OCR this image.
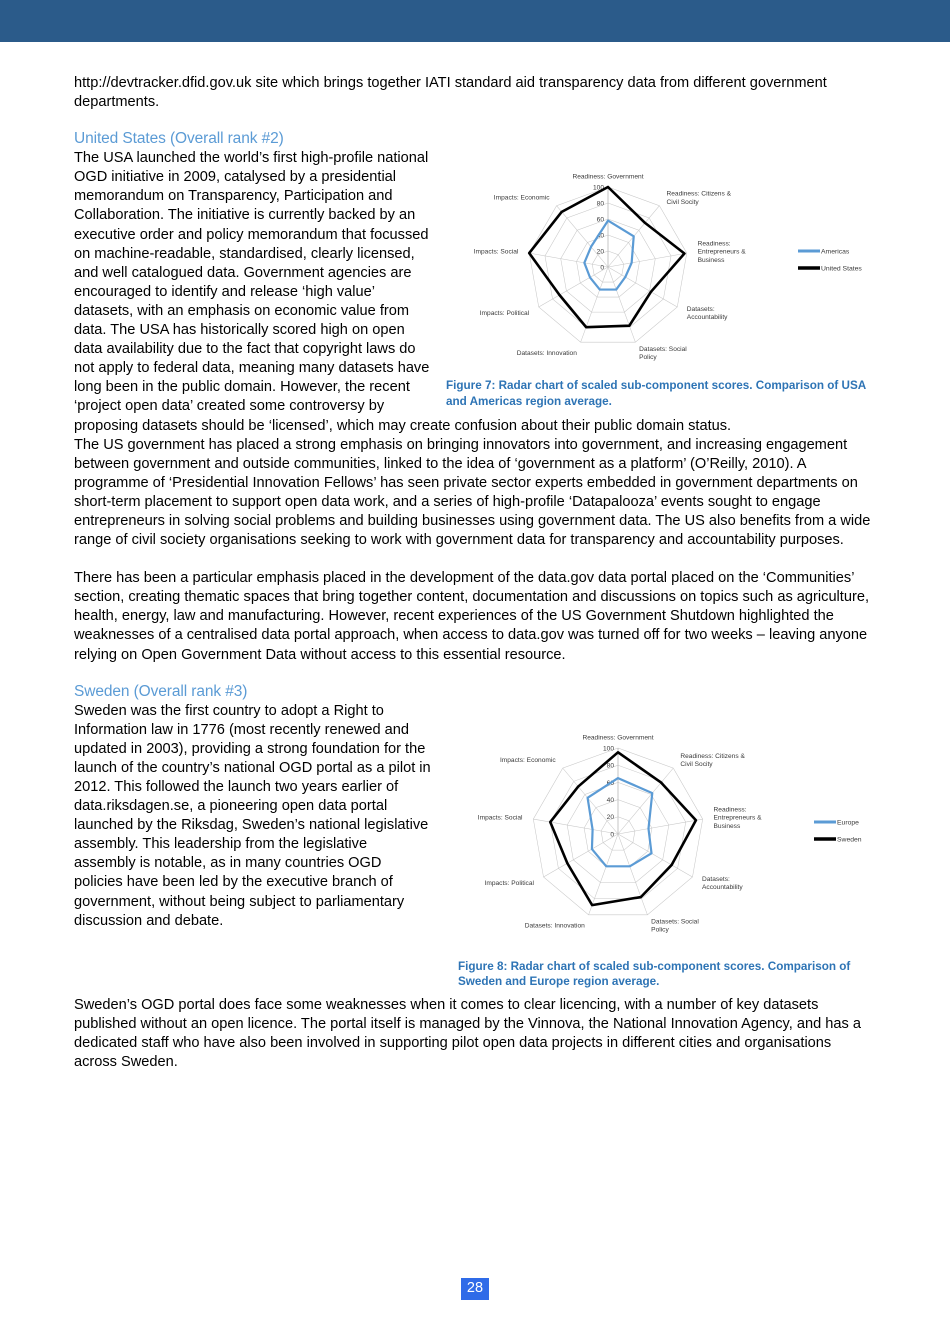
http://devtracker.dfid.gov.uk site which brings together IATI standard aid transparency data from different government departments.

United States (Overall rank #2)
0
20
40
60
80
100
Readiness: Government
Readiness: Citizens &
Civil Socity
Readiness:
Entrepreneurs &
Business
Datasets:
Accountability
Datasets: Social
Policy
Datasets: Innovation
Impacts: Political
Impacts: Social
Impacts: Economic
Americas
United States
Figure 7: Radar chart of scaled sub-component scores. Comparison of USA and Americas region average.

The USA launched the world’s first high-profile national OGD initiative in 2009, catalysed by a presidential memorandum on Transparency, Participation and Collaboration. The initiative is currently backed by an executive order and policy memorandum that focussed on machine-readable, standardised, clearly licensed, and well catalogued data. Government agencies are encouraged to identify and release ‘high value’ datasets, with an emphasis on economic value from data. The USA has historically scored high on open data availability due to the fact that copyright laws do not apply to federal data, meaning many datasets have long been in the public domain. However, the recent ‘project open data’ created some controversy by proposing datasets should be ‘licensed’, which may create confusion about their public domain status.

The US government has placed a strong emphasis on bringing innovators into government, and increasing engagement between government and outside communities, linked to the idea of ‘government as a platform’ (O’Reilly, 2010). A programme of ‘Presidential Innovation Fellows’ has seen private sector experts embedded in government departments on short-term placement to support open data work, and a series of high-profile ‘Datapalooza’ events sought to engage entrepreneurs in solving social problems and building businesses using government data. The US also benefits from a wide range of civil society organisations seeking to work with government data for transparency and accountability purposes.

There has been a particular emphasis placed in the development of the data.gov data portal placed on the ‘Communities’ section, creating thematic spaces that bring together content, documentation and discussions on topics such as agriculture, health, energy, law and manufacturing. However, recent experiences of the US Government Shutdown highlighted the weaknesses of a centralised data portal approach, when access to data.gov was turned off for two weeks – leaving anyone relying on Open Government Data without access to this essential resource.

Sweden (Overall rank #3)
0
20
40
60
80
100
Readiness: Government
Readiness: Citizens &
Civil Socity
Readiness:
Entrepreneurs &
Business
Datasets:
Accountability
Datasets: Social
Policy
Datasets: Innovation
Impacts: Political
Impacts: Social
Impacts: Economic
Europe
Sweden
Figure 8: Radar chart of scaled sub-component scores. Comparison of Sweden and Europe region average.

Sweden was the first country to adopt a Right to Information law in 1776 (most recently renewed and updated in 2003), providing a strong foundation for the launch of the country’s national OGD portal as a pilot in 2012. This followed the launch two years earlier of data.riksdagen.se, a pioneering open data portal launched by the Riksdag, Sweden’s national legislative assembly. This leadership from the legislative assembly is notable, as in many countries OGD policies have been led by the executive branch of government, without being subject to parliamentary discussion and debate.

Sweden’s OGD portal does face some weaknesses when it comes to clear licencing, with a number of key datasets published without an open licence. The portal itself is managed by the Vinnova, the National Innovation Agency, and has a dedicated staff who have also been involved in supporting pilot open data projects in different cities and organisations across Sweden.

28
